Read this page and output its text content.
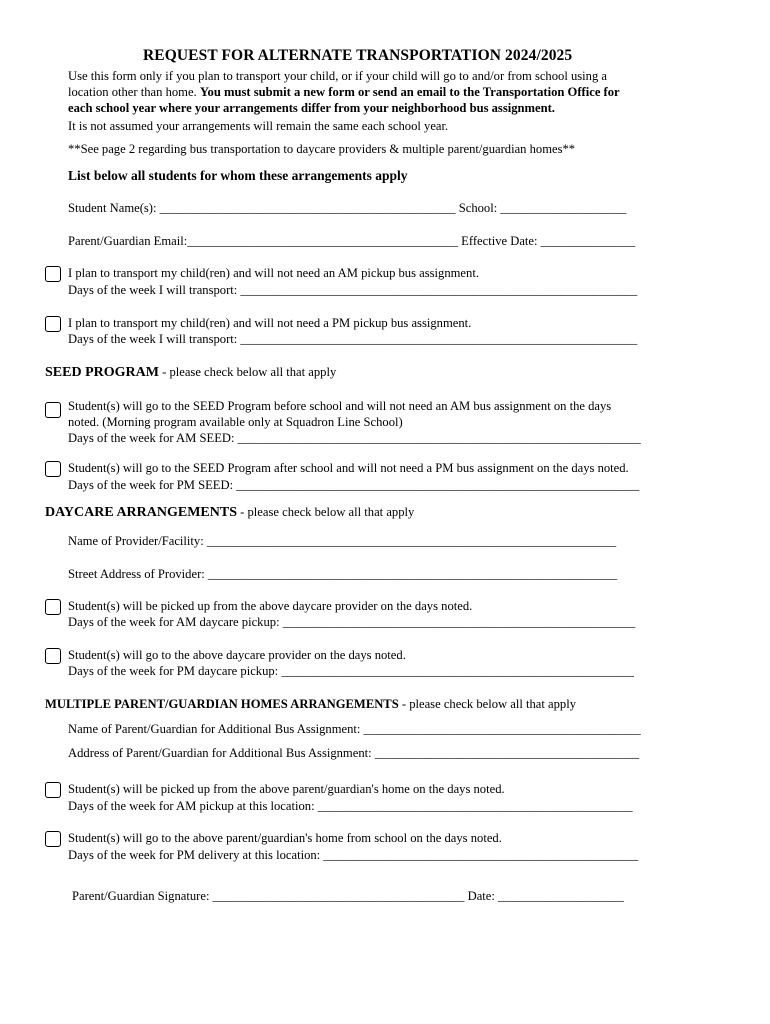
REQUEST FOR ALTERNATE TRANSPORTATION 2024/2025
Use this form only if you plan to transport your child, or if your child will go to and/or from school using a
location other than home. You must submit a new form or send an email to the Transportation Office for
each school year where your arrangements differ from your neighborhood bus assignment.
It is not assumed your arrangements will remain the same each school year.
**See page 2 regarding bus transportation to daycare providers & multiple parent/guardian homes**
List below all students for whom these arrangements apply
Student Name(s): _______________________________________________ School: ____________________
Parent/Guardian Email:___________________________________________ Effective Date: _______________
I plan to transport my child(ren) and will not need an AM pickup bus assignment.
Days of the week I will transport: _______________________________________________________________
I plan to transport my child(ren) and will not need a PM pickup bus assignment.
Days of the week I will transport: _______________________________________________________________
SEED PROGRAM - please check below all that apply
Student(s) will go to the SEED Program before school and will not need an AM bus assignment on the days
noted. (Morning program available only at Squadron Line School)
Days of the week for AM SEED: ________________________________________________________________
Student(s) will go to the SEED Program after school and will not need a PM bus assignment on the days noted.
Days of the week for PM SEED: ________________________________________________________________
DAYCARE ARRANGEMENTS - please check below all that apply
Name of Provider/Facility: _________________________________________________________________
Street Address of Provider: _________________________________________________________________
Student(s) will be picked up from the above daycare provider on the days noted.
Days of the week for AM daycare pickup: ________________________________________________________
Student(s) will go to the above daycare provider on the days noted.
Days of the week for PM daycare pickup: ________________________________________________________
MULTIPLE PARENT/GUARDIAN HOMES ARRANGEMENTS - please check below all that apply
Name of Parent/Guardian for Additional Bus Assignment: ____________________________________________
Address of Parent/Guardian for Additional Bus Assignment: __________________________________________
Student(s) will be picked up from the above parent/guardian's home on the days noted.
Days of the week for AM pickup at this location: __________________________________________________
Student(s) will go to the above parent/guardian's home from school on the days noted.
Days of the week for PM delivery at this location: __________________________________________________
Parent/Guardian Signature: ________________________________________ Date: ____________________
